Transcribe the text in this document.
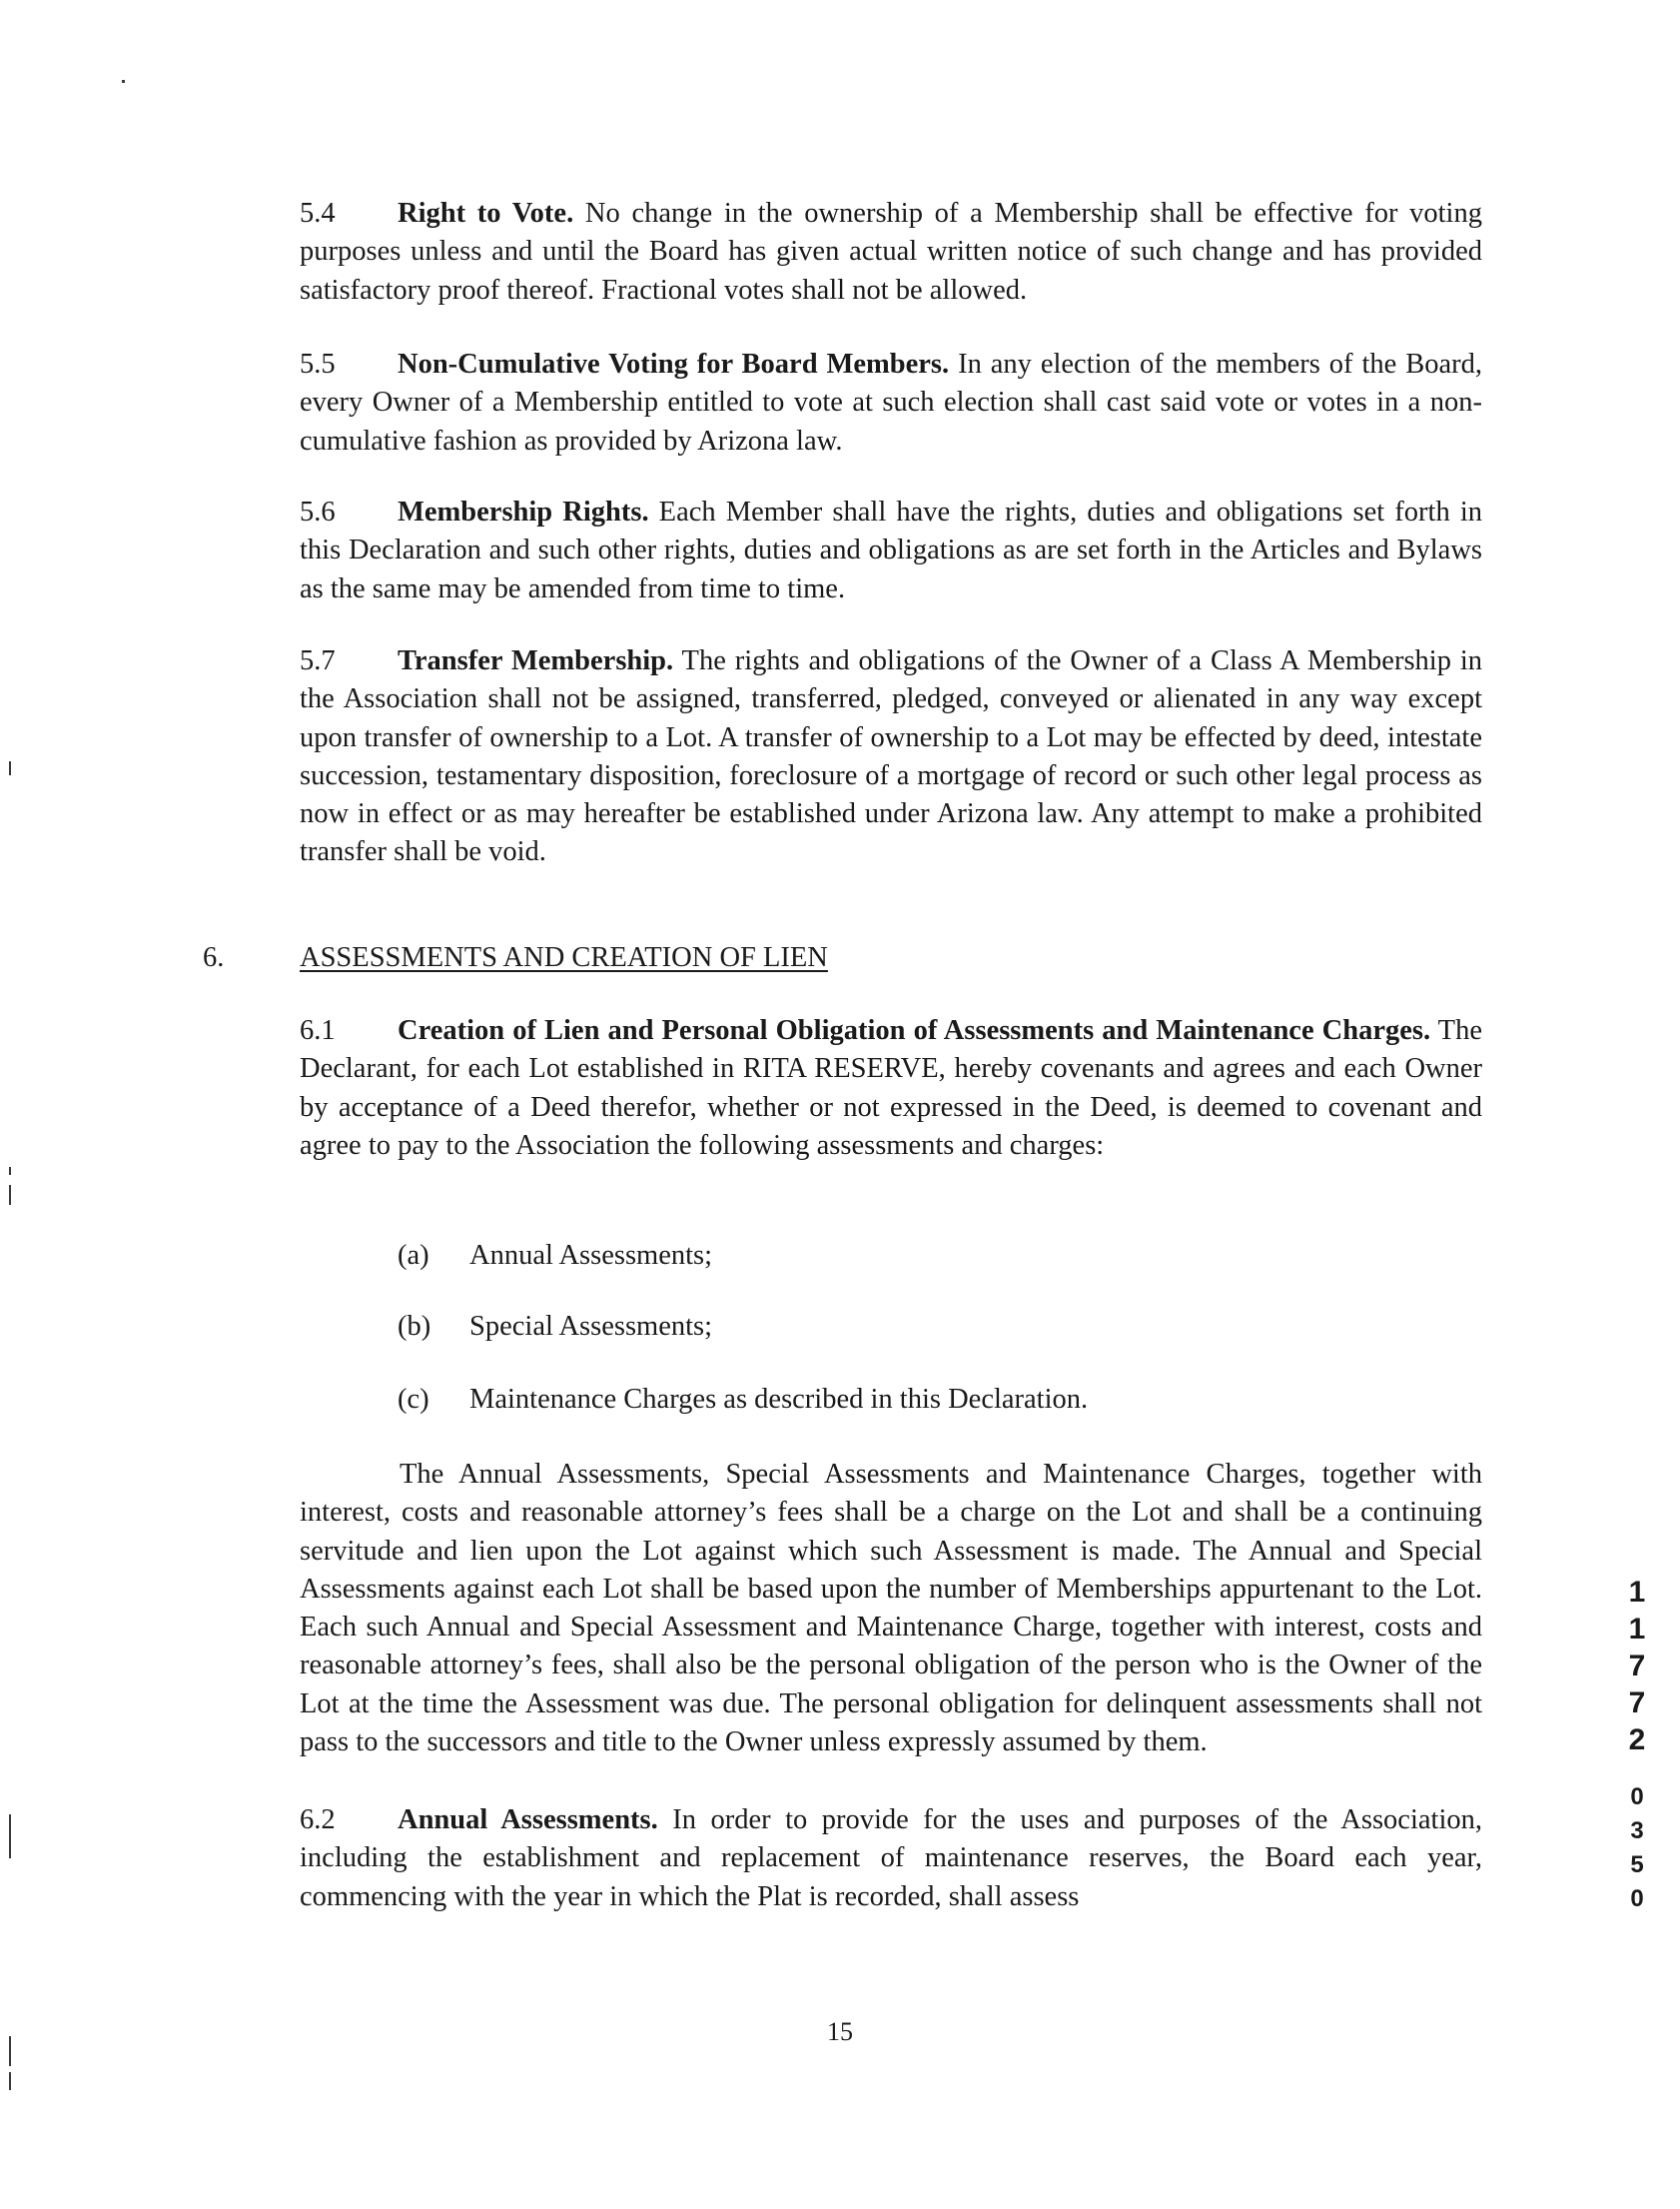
5.4 Right to Vote. No change in the ownership of a Membership shall be effective for voting purposes unless and until the Board has given actual written notice of such change and has provided satisfactory proof thereof. Fractional votes shall not be allowed.
5.5 Non-Cumulative Voting for Board Members. In any election of the members of the Board, every Owner of a Membership entitled to vote at such election shall cast said vote or votes in a non-cumulative fashion as provided by Arizona law.
5.6 Membership Rights. Each Member shall have the rights, duties and obligations set forth in this Declaration and such other rights, duties and obligations as are set forth in the Articles and Bylaws as the same may be amended from time to time.
5.7 Transfer Membership. The rights and obligations of the Owner of a Class A Membership in the Association shall not be assigned, transferred, pledged, conveyed or alienated in any way except upon transfer of ownership to a Lot. A transfer of ownership to a Lot may be effected by deed, intestate succession, testamentary disposition, foreclosure of a mortgage of record or such other legal process as now in effect or as may hereafter be established under Arizona law. Any attempt to make a prohibited transfer shall be void.
6.	ASSESSMENTS AND CREATION OF LIEN
6.1 Creation of Lien and Personal Obligation of Assessments and Maintenance Charges. The Declarant, for each Lot established in RITA RESERVE, hereby covenants and agrees and each Owner by acceptance of a Deed therefor, whether or not expressed in the Deed, is deemed to covenant and agree to pay to the Association the following assessments and charges:
(a) Annual Assessments;
(b) Special Assessments;
(c) Maintenance Charges as described in this Declaration.
The Annual Assessments, Special Assessments and Maintenance Charges, together with interest, costs and reasonable attorney’s fees shall be a charge on the Lot and shall be a continuing servitude and lien upon the Lot against which such Assessment is made. The Annual and Special Assessments against each Lot shall be based upon the number of Memberships appurtenant to the Lot. Each such Annual and Special Assessment and Maintenance Charge, together with interest, costs and reasonable attorney’s fees, shall also be the personal obligation of the person who is the Owner of the Lot at the time the Assessment was due. The personal obligation for delinquent assessments shall not pass to the successors and title to the Owner unless expressly assumed by them.
6.2 Annual Assessments. In order to provide for the uses and purposes of the Association, including the establishment and replacement of maintenance reserves, the Board each year, commencing with the year in which the Plat is recorded, shall assess
15
1
1
7
7
2
0
3
5
0
